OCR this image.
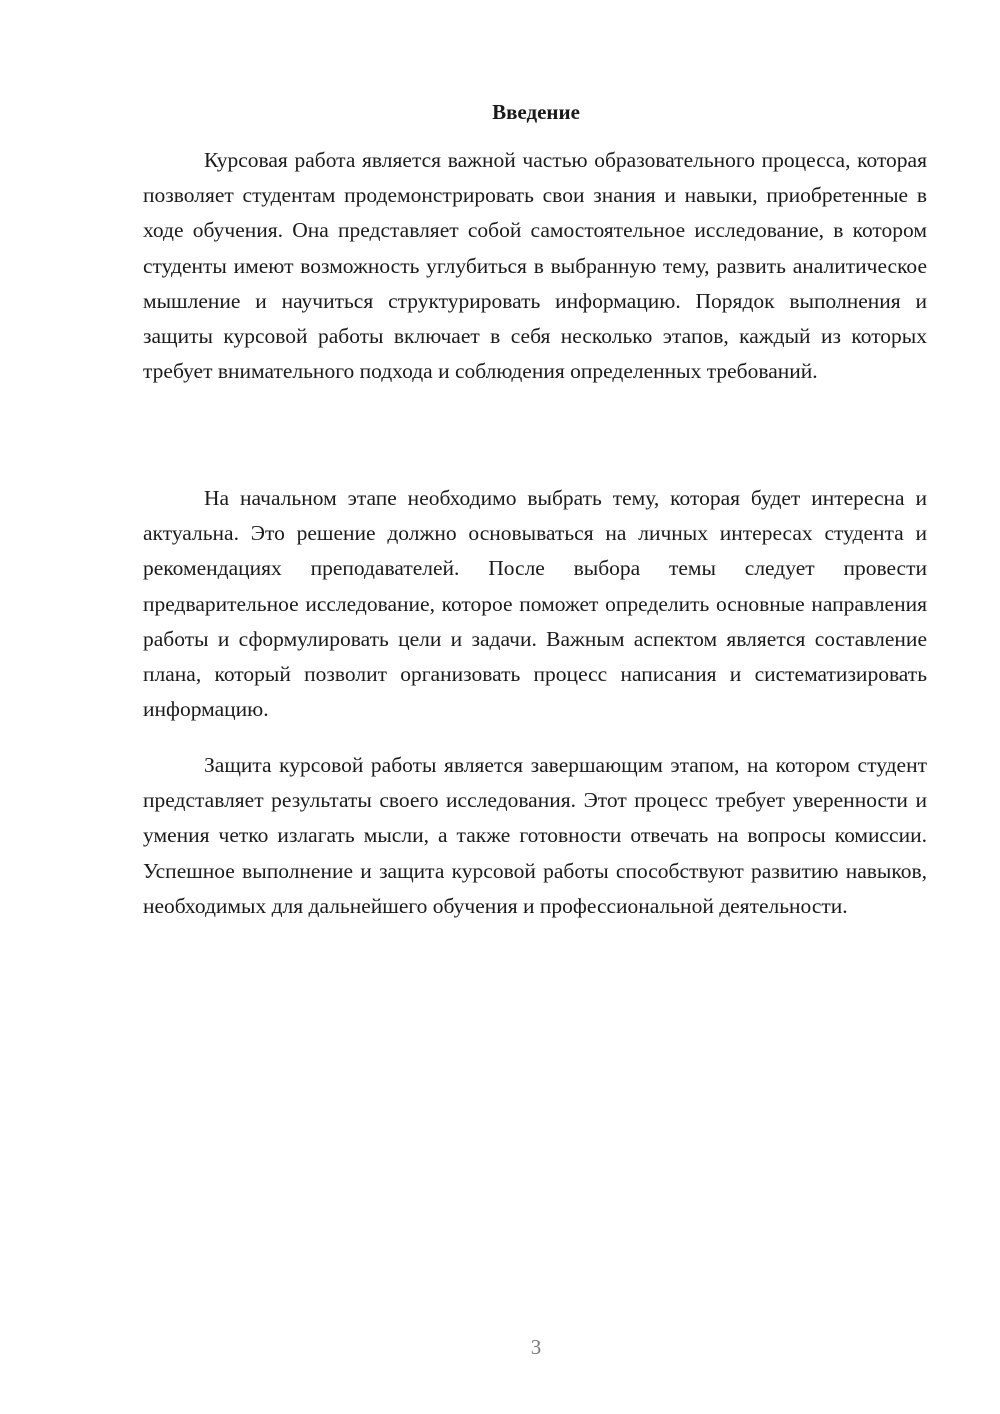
Введение

Курсовая работа является важной частью образовательного процесса, которая позволяет студентам продемонстрировать свои знания и навыки, приобретенные в ходе обучения. Она представляет собой самостоятельное исследование, в котором студенты имеют возможность углубиться в выбранную тему, развить аналитическое мышление и научиться структурировать информацию. Порядок выполнения и защиты курсовой работы включает в себя несколько этапов, каждый из которых требует внимательного подхода и соблюдения определенных требований.

На начальном этапе необходимо выбрать тему, которая будет интересна и актуальна. Это решение должно основываться на личных интересах студента и рекомендациях преподавателей. После выбора темы следует провести предварительное исследование, которое поможет определить основные направления работы и сформулировать цели и задачи. Важным аспектом является составление плана, который позволит организовать процесс написания и систематизировать информацию.

Защита курсовой работы является завершающим этапом, на котором студент представляет результаты своего исследования. Этот процесс требует уверенности и умения четко излагать мысли, а также готовности отвечать на вопросы комиссии. Успешное выполнение и защита курсовой работы способствуют развитию навыков, необходимых для дальнейшего обучения и профессиональной деятельности.

3
